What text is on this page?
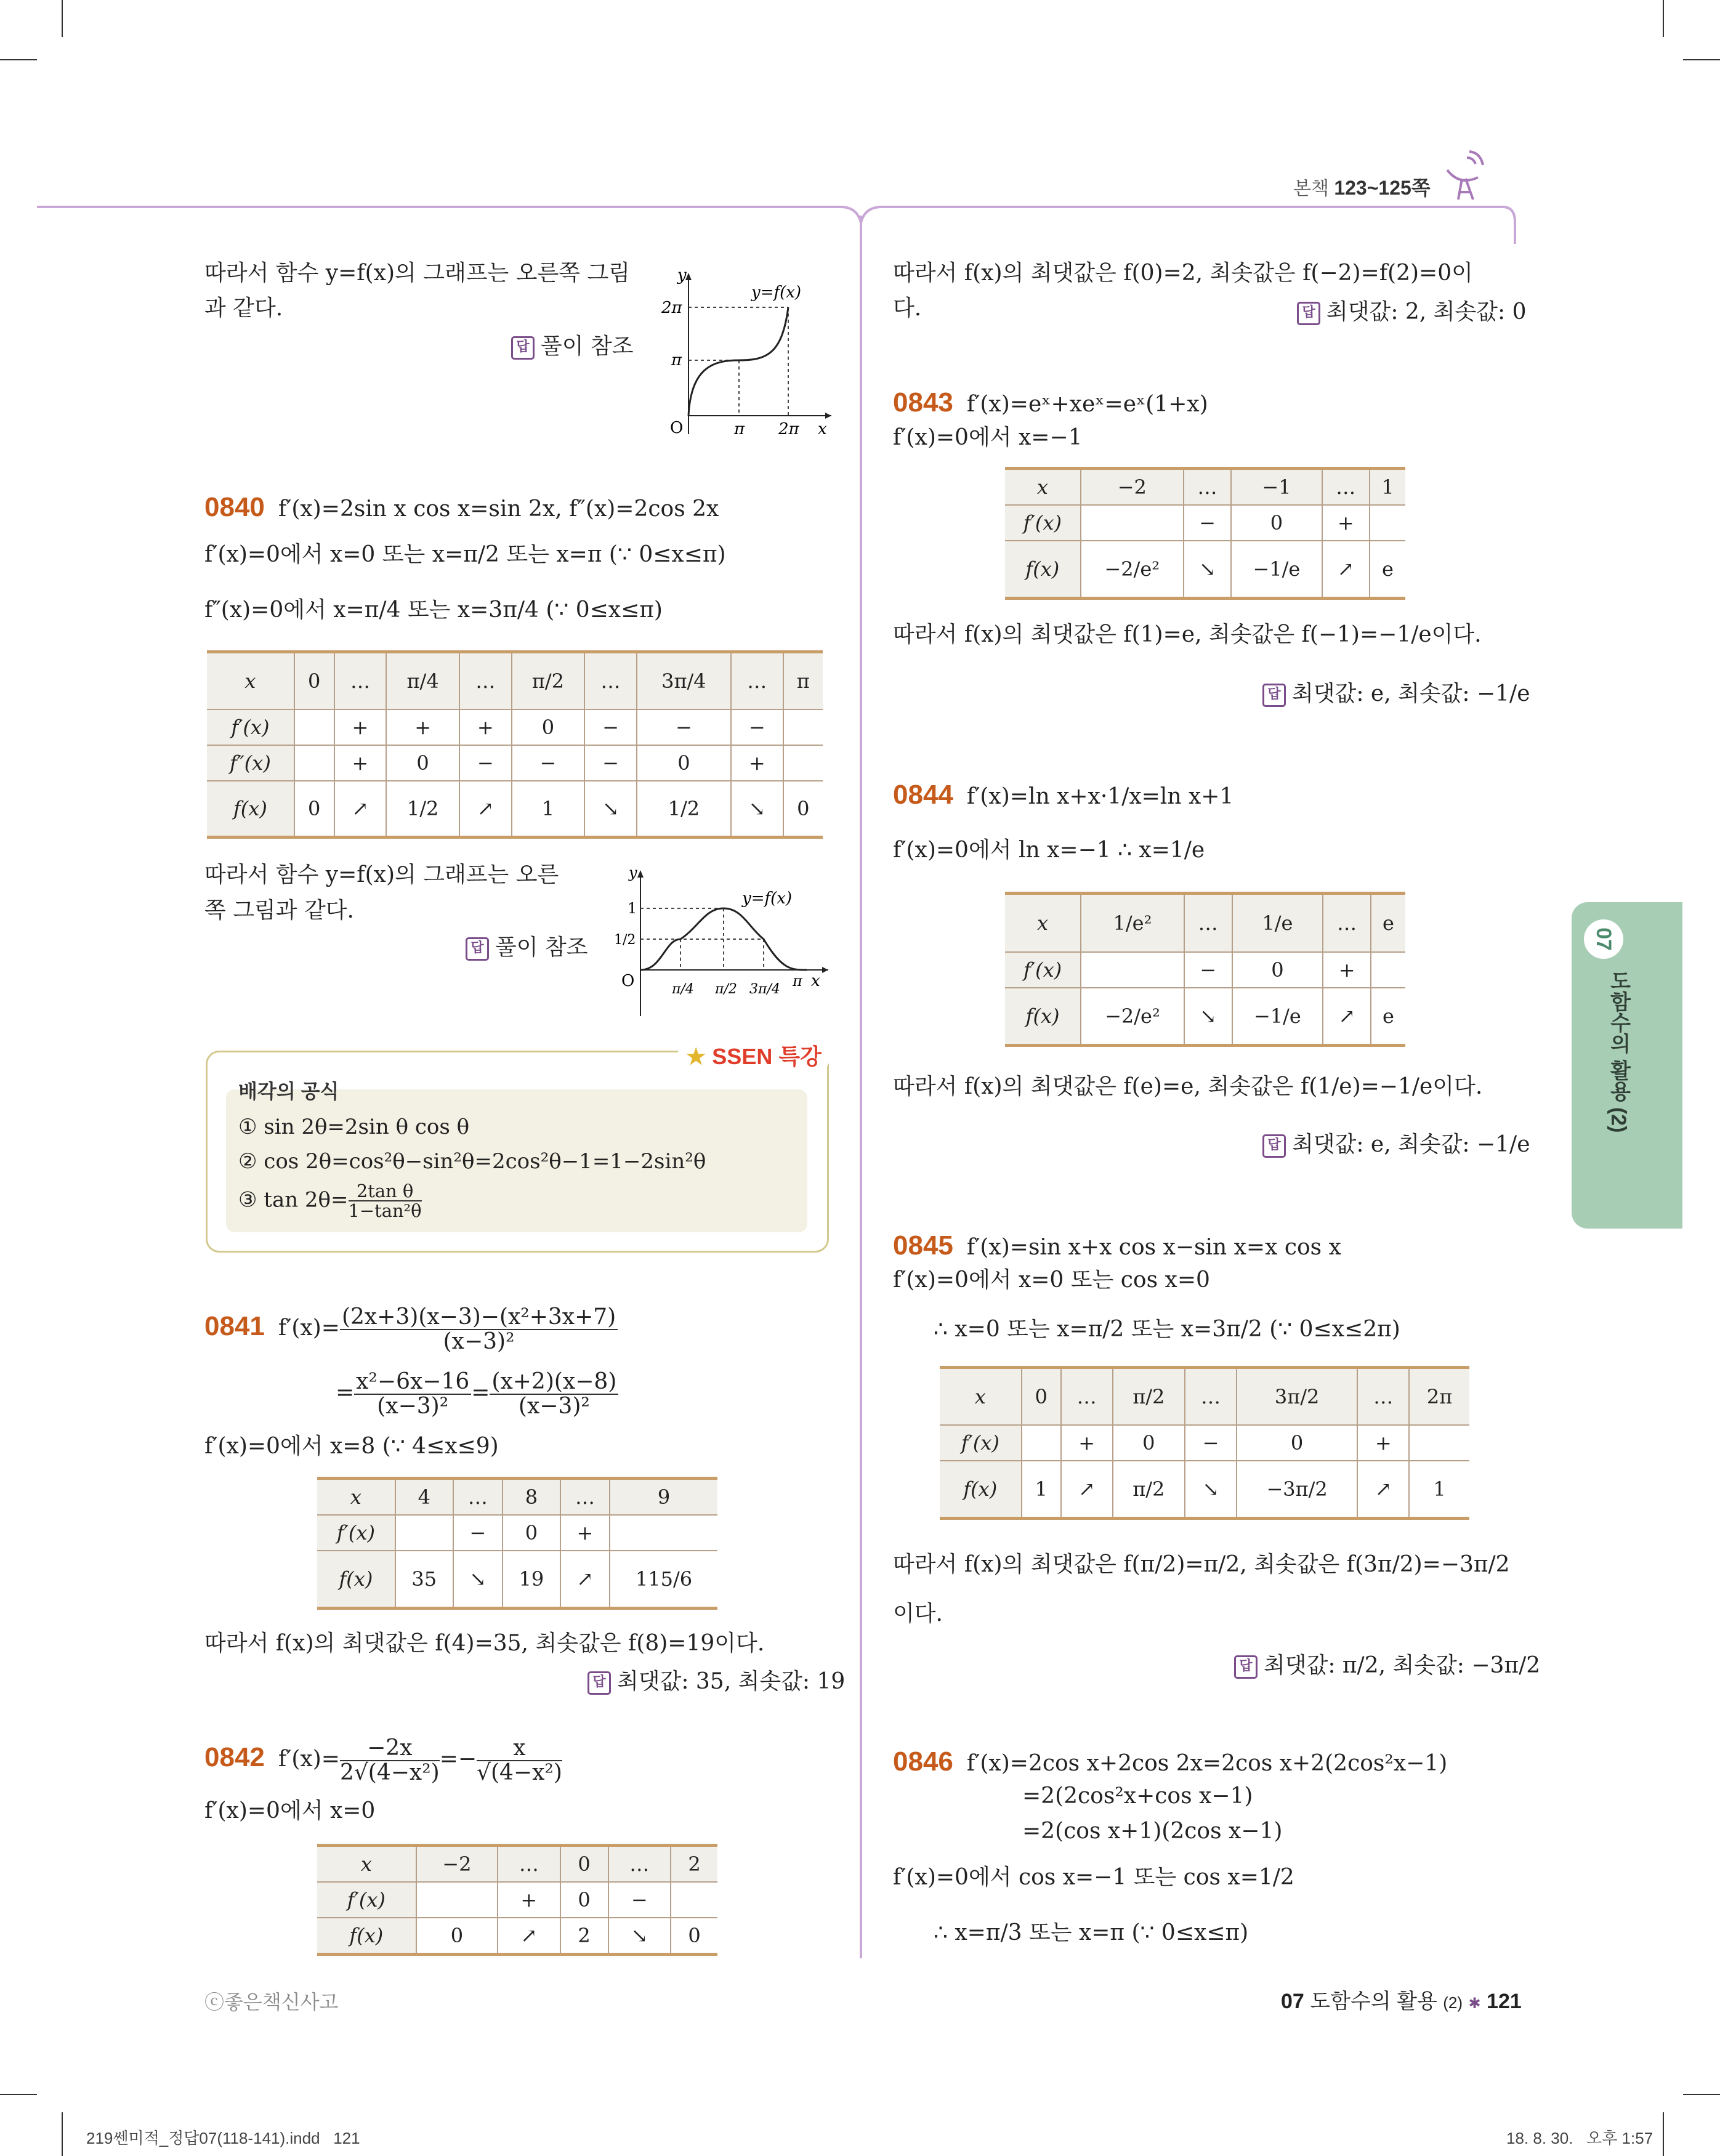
본책 123~125쪽
따라서 함수 y=f(x)의 그래프는 오른쪽 그림
과 같다.
답 풀이 참조
y
2π
π
y=f(x)
O	π 2π x
0840 f′(x)=2sin x cos x=sin 2x, f″(x)=2cos 2x
f′(x)=0에서 x=0 또는 x=π/2 또는 x=π (∵ 0≤x≤π)
f″(x)=0에서 x=π/4 또는 x=3π/4 (∵ 0≤x≤π)
x	0	…	π/4	…	π/2	…	3π/4	…	π
f′(x)		+	+	+	0	−	−	−	
f″(x)		+	0	−	−	−	0	+	
f(x)	0	↗	1/2	↗	1	↘	1/2	↘	0
따라서 함수 y=f(x)의 그래프는 오른
쪽 그림과 같다.
답 풀이 참조
y
1
1/2
y=f(x)
O	π/4 π/2 3π/4 π x
배각의 공식
① sin 2θ=2sin θ cos θ
② cos 2θ=cos²θ−sin²θ=2cos²θ−1=1−2sin²θ
③ $\tan 2\theta= \frac{\text{2tan θ}}{\text{1−tan²θ}}$
★ SSEN 특강
0841 $f'(x)= \frac{\text{(2x+3)(x−3)−(x²+3x+7)}}{\text{(x−3)²}}$
= $\frac{\text{x²−6x−16}}{\text{(x−3)²}} = \frac{(x+2)(x-8)}{\text{(x−3)²}}$
f′(x)=0에서 x=8 (∵ 4≤x≤9)
x	4	…	8	…	9
f′(x)		−	0	+	
f(x)	35	↘	19	↗	115/6
따라서 f(x)의 최댓값은 f(4)=35, 최솟값은 f(8)=19이다.
답 최댓값: 35, 최솟값: 19
0842 $f'(x)= \frac{-2x}{\text{2√(4−x²)}} =- \frac{x}{\text{√(4−x²)}}$
f′(x)=0에서 x=0
x	−2	…	0	…	2
f′(x)		+	0	−	
f(x)	0	↗	2	↘	0
ⓒ좋은책신사고
따라서 f(x)의 최댓값은 f(0)=2, 최솟값은 f(−2)=f(2)=0이
다.	답 최댓값: 2, 최솟값: 0
0843 f′(x)=eˣ+xeˣ=eˣ(1+x)
f′(x)=0에서 x=−1
x	−2	…	−1	…	1
f′(x)		−	0	+	
f(x)	−2/e²	↘	−1/e	↗	e
따라서 f(x)의 최댓값은 f(1)=e, 최솟값은 f(−1)=−1/e이다.
답 최댓값: e, 최솟값: −1/e
0844 f′(x)=ln x+x·1/x=ln x+1
f′(x)=0에서 ln x=−1 ∴ x=1/e
x	1/e²	…	1/e	…	e
f′(x)		−	0	+	
f(x)	−2/e²	↘	−1/e	↗	e
따라서 f(x)의 최댓값은 f(e)=e, 최솟값은 f(1/e)=−1/e이다.
답 최댓값: e, 최솟값: −1/e
0845 f′(x)=sin x+x cos x−sin x=x cos x
f′(x)=0에서 x=0 또는 cos x=0
∴ x=0 또는 x=π/2 또는 x=3π/2 (∵ 0≤x≤2π)
x	0	…	π/2	…	3π/2	…	2π
f′(x)		+	0	−	0	+	
f(x)	1	↗	π/2	↘	−3π/2	↗	1
따라서 f(x)의 최댓값은 f(π/2)=π/2, 최솟값은 f(3π/2)=−3π/2
이다.
답 최댓값: π/2, 최솟값: −3π/2
0846 f′(x)=2cos x+2cos 2x=2cos x+2(2cos²x−1)
=2(2cos²x+cos x−1)
=2(cos x+1)(2cos x−1)
f′(x)=0에서 cos x=−1 또는 cos x=1/2
∴ x=π/3 또는 x=π (∵ 0≤x≤π)
07
도함수의 활용 (2)
07 도함수의 활용 (2) ✱ 121
219쎈미적_정답07(118-141).indd   121	18. 8. 30.   오후 1:57
